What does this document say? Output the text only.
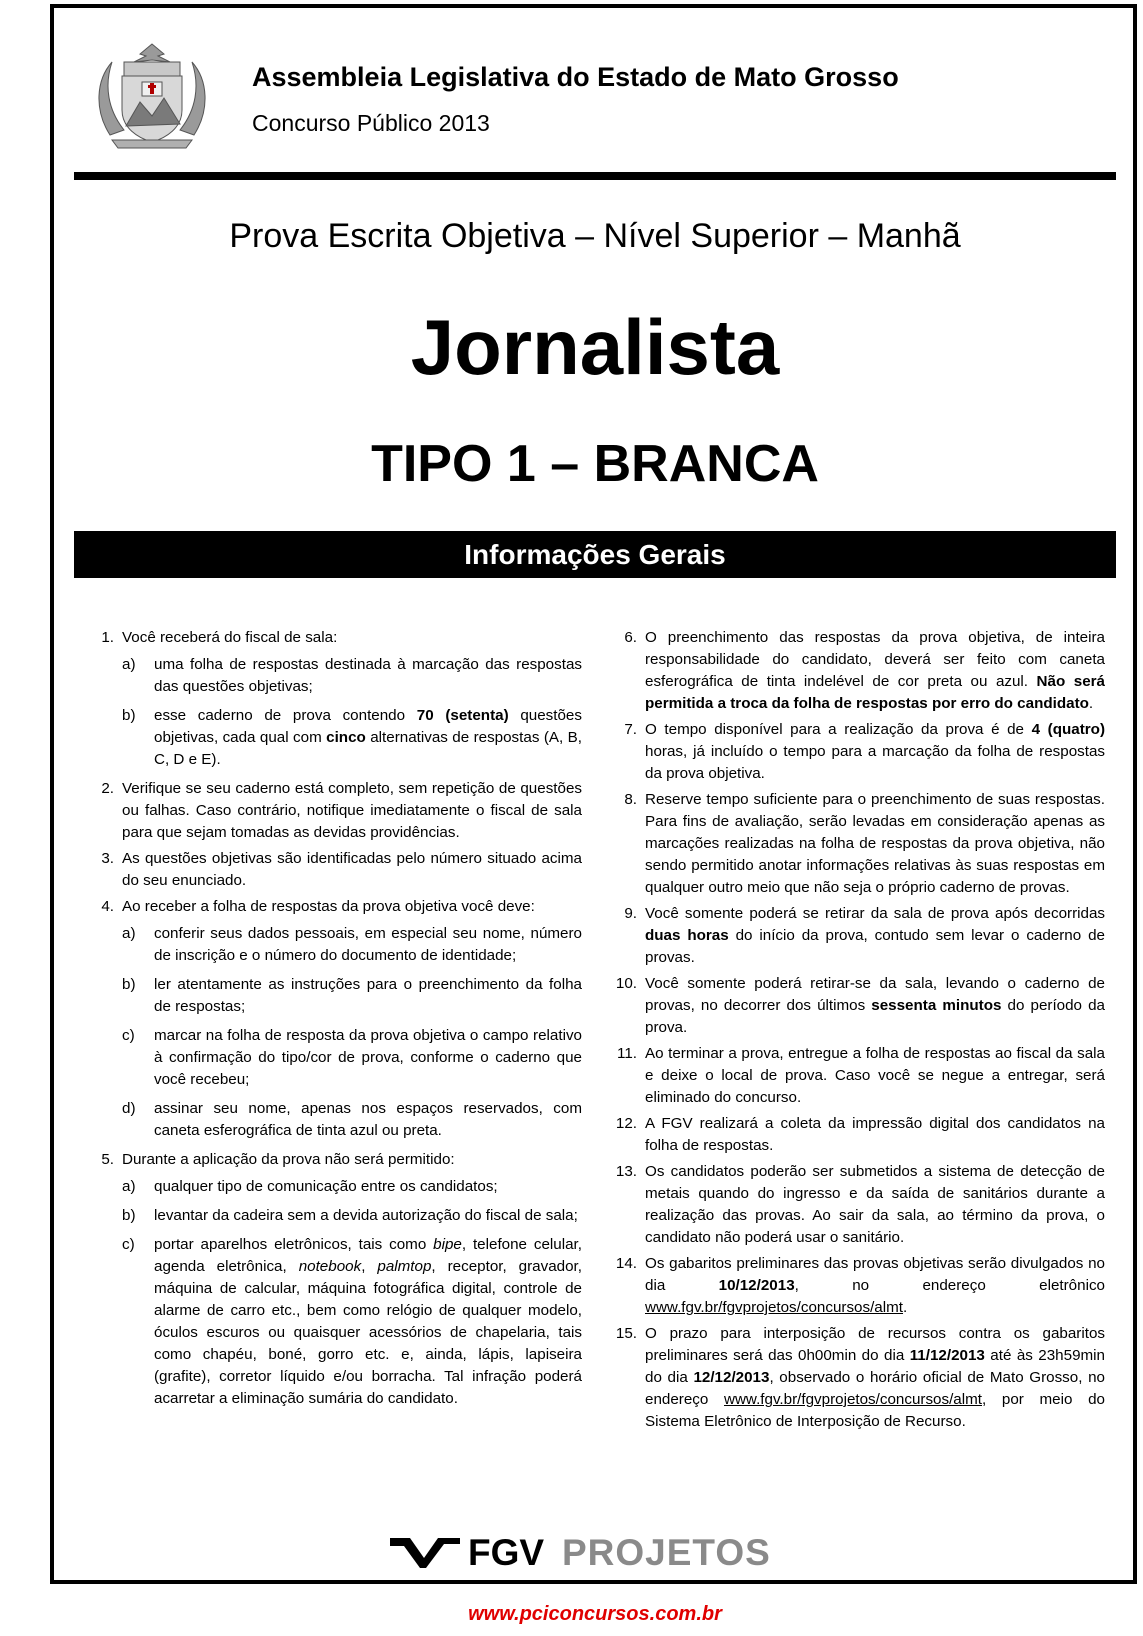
Assembleia Legislativa do Estado de Mato Grosso
Concurso Público 2013
Prova Escrita Objetiva – Nível Superior – Manhã
Jornalista
TIPO 1 – BRANCA
Informações Gerais
1. Você receberá do fiscal de sala:
a) uma folha de respostas destinada à marcação das respostas das questões objetivas;
b) esse caderno de prova contendo 70 (setenta) questões objetivas, cada qual com cinco alternativas de respostas (A, B, C, D e E).
2. Verifique se seu caderno está completo, sem repetição de questões ou falhas. Caso contrário, notifique imediatamente o fiscal de sala para que sejam tomadas as devidas providências.
3. As questões objetivas são identificadas pelo número situado acima do seu enunciado.
4. Ao receber a folha de respostas da prova objetiva você deve:
a) conferir seus dados pessoais, em especial seu nome, número de inscrição e o número do documento de identidade;
b) ler atentamente as instruções para o preenchimento da folha de respostas;
c) marcar na folha de resposta da prova objetiva o campo relativo à confirmação do tipo/cor de prova, conforme o caderno que você recebeu;
d) assinar seu nome, apenas nos espaços reservados, com caneta esferográfica de tinta azul ou preta.
5. Durante a aplicação da prova não será permitido:
a) qualquer tipo de comunicação entre os candidatos;
b) levantar da cadeira sem a devida autorização do fiscal de sala;
c) portar aparelhos eletrônicos, tais como bipe, telefone celular, agenda eletrônica, notebook, palmtop, receptor, gravador, máquina de calcular, máquina fotográfica digital, controle de alarme de carro etc., bem como relógio de qualquer modelo, óculos escuros ou quaisquer acessórios de chapelaria, tais como chapéu, boné, gorro etc. e, ainda, lápis, lapiseira (grafite), corretor líquido e/ou borracha. Tal infração poderá acarretar a eliminação sumária do candidato.
6. O preenchimento das respostas da prova objetiva, de inteira responsabilidade do candidato, deverá ser feito com caneta esferográfica de tinta indelével de cor preta ou azul. Não será permitida a troca da folha de respostas por erro do candidato.
7. O tempo disponível para a realização da prova é de 4 (quatro) horas, já incluído o tempo para a marcação da folha de respostas da prova objetiva.
8. Reserve tempo suficiente para o preenchimento de suas respostas. Para fins de avaliação, serão levadas em consideração apenas as marcações realizadas na folha de respostas da prova objetiva, não sendo permitido anotar informações relativas às suas respostas em qualquer outro meio que não seja o próprio caderno de provas.
9. Você somente poderá se retirar da sala de prova após decorridas duas horas do início da prova, contudo sem levar o caderno de provas.
10. Você somente poderá retirar-se da sala, levando o caderno de provas, no decorrer dos últimos sessenta minutos do período da prova.
11. Ao terminar a prova, entregue a folha de respostas ao fiscal da sala e deixe o local de prova. Caso você se negue a entregar, será eliminado do concurso.
12. A FGV realizará a coleta da impressão digital dos candidatos na folha de respostas.
13. Os candidatos poderão ser submetidos a sistema de detecção de metais quando do ingresso e da saída de sanitários durante a realização das provas. Ao sair da sala, ao término da prova, o candidato não poderá usar o sanitário.
14. Os gabaritos preliminares das provas objetivas serão divulgados no dia 10/12/2013, no endereço eletrônico www.fgv.br/fgvprojetos/concursos/almt.
15. O prazo para interposição de recursos contra os gabaritos preliminares será das 0h00min do dia 11/12/2013 até às 23h59min do dia 12/12/2013, observado o horário oficial de Mato Grosso, no endereço www.fgv.br/fgvprojetos/concursos/almt, por meio do Sistema Eletrônico de Interposição de Recurso.
FGV PROJETOS
www.pciconcursos.com.br
